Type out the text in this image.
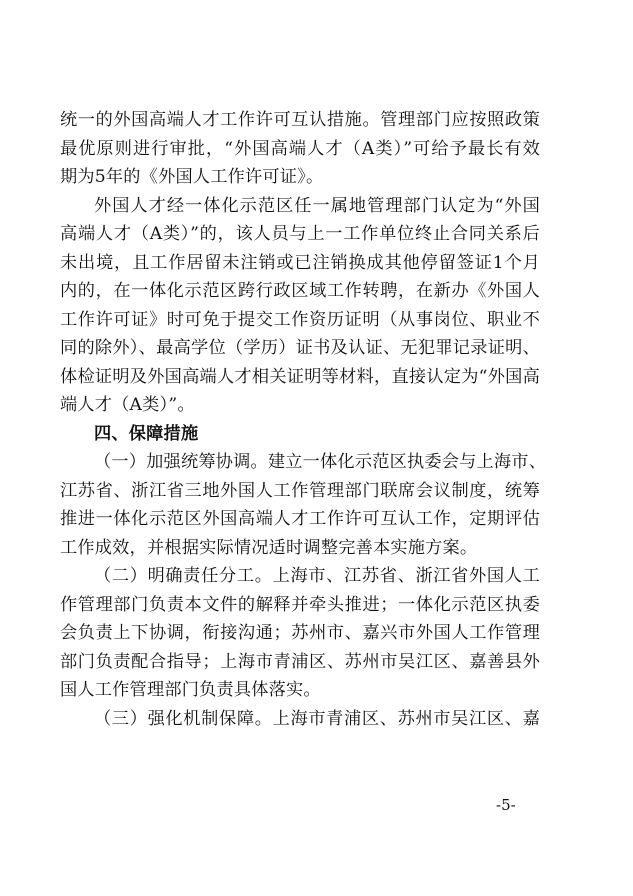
统一的外国高端人才工作许可互认措施。管理部门应按照政策
最优原则进行审批，“外国高端人才（A类）”可给予最长有效
期为5年的《外国人工作许可证》。
外国人才经一体化示范区任一属地管理部门认定为“外国
高端人才（A类）”的，该人员与上一工作单位终止合同关系后
未出境，且工作居留未注销或已注销换成其他停留签证1个月
内的，在一体化示范区跨行政区域工作转聘，在新办《外国人
工作许可证》时可免于提交工作资历证明（从事岗位、职业不
同的除外）、最高学位（学历）证书及认证、无犯罪记录证明、
体检证明及外国高端人才相关证明等材料，直接认定为“外国高
端人才（A类）”。
四、保障措施
（一）加强统筹协调。建立一体化示范区执委会与上海市、
江苏省、浙江省三地外国人工作管理部门联席会议制度，统筹
推进一体化示范区外国高端人才工作许可互认工作，定期评估
工作成效，并根据实际情况适时调整完善本实施方案。
（二）明确责任分工。上海市、江苏省、浙江省外国人工
作管理部门负责本文件的解释并牵头推进；一体化示范区执委
会负责上下协调，衔接沟通；苏州市、嘉兴市外国人工作管理
部门负责配合指导；上海市青浦区、苏州市吴江区、嘉善县外
国人工作管理部门负责具体落实。
（三）强化机制保障。上海市青浦区、苏州市吴江区、嘉
-5-
